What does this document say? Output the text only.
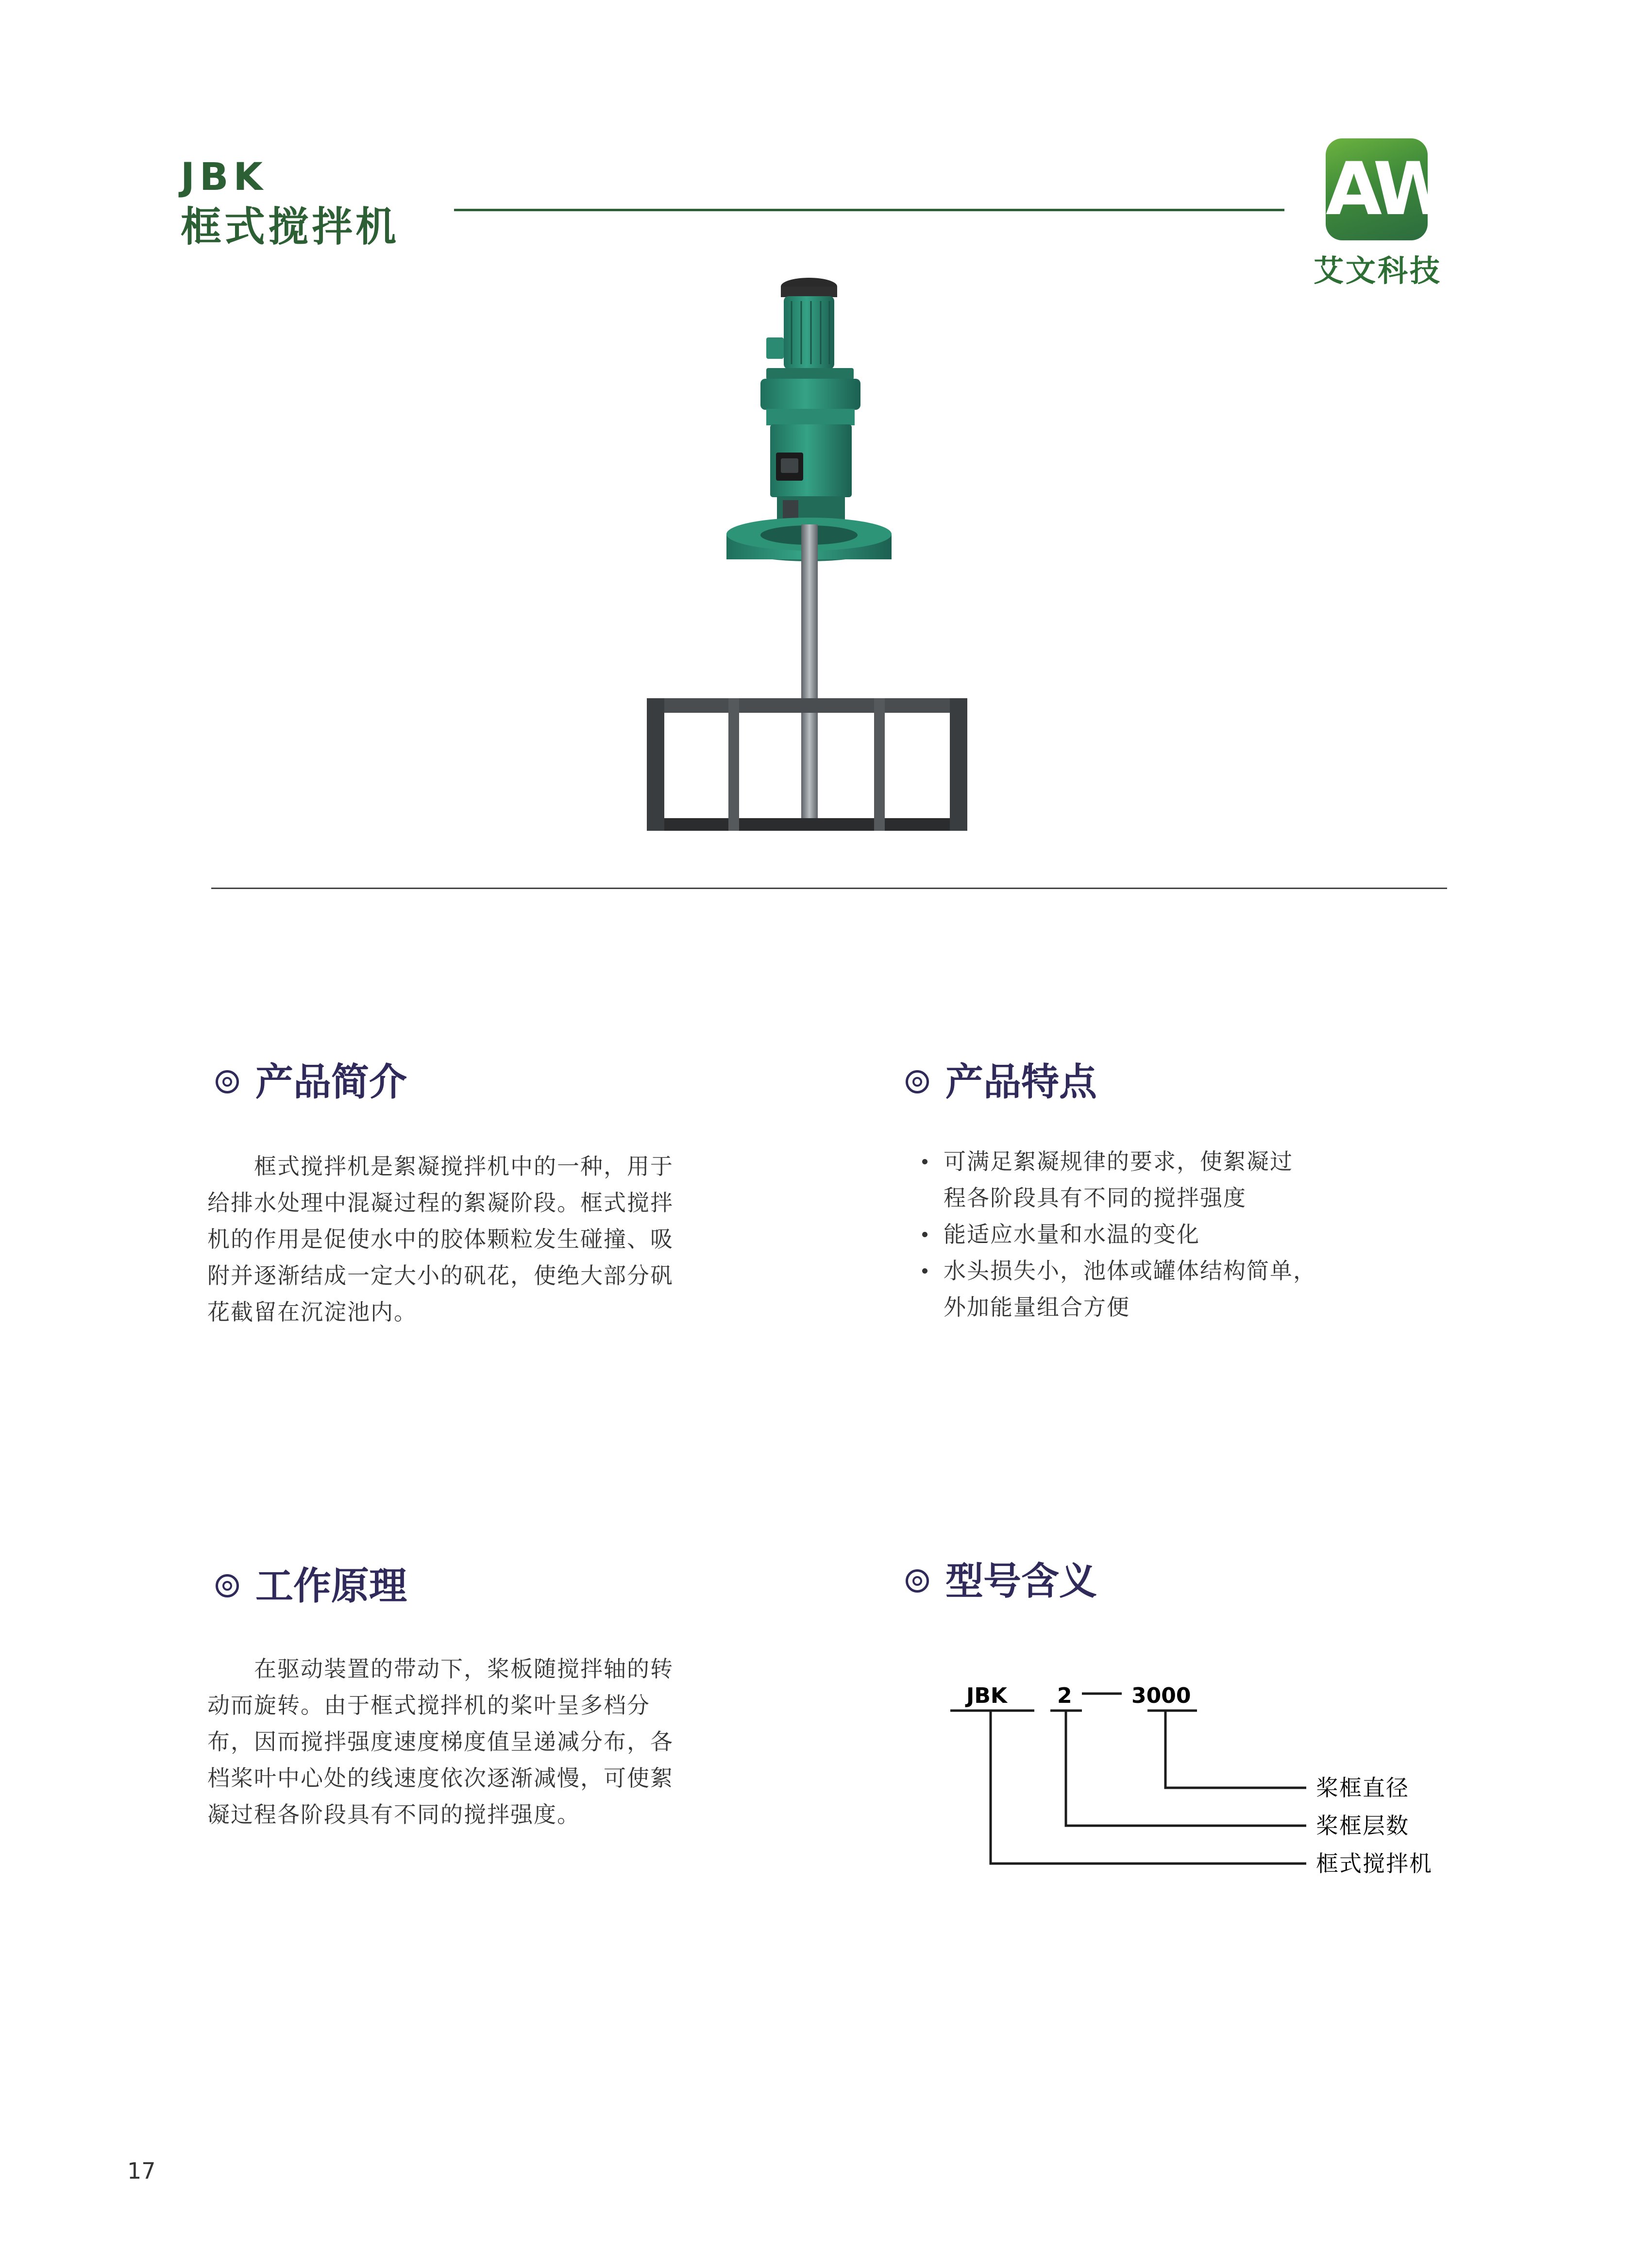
JBK
框式搅拌机	AW
艾文科技
产品简介
框式搅拌机是絮凝搅拌机中的一种，用于
给排水处理中混凝过程的絮凝阶段。框式搅拌
机的作用是促使水中的胶体颗粒发生碰撞、吸
附并逐渐结成一定大小的矾花，使绝大部分矾
花截留在沉淀池内。
产品特点
可满足絮凝规律的要求，使絮凝过
程各阶段具有不同的搅拌强度
能适应水量和水温的变化
水头损失小，池体或罐体结构简单，
外加能量组合方便
工作原理
在驱动装置的带动下，桨板随搅拌轴的转
动而旋转。由于框式搅拌机的桨叶呈多档分
布，因而搅拌强度速度梯度值呈递减分布，各
档桨叶中心处的线速度依次逐渐减慢，可使絮
凝过程各阶段具有不同的搅拌强度。
型号含义
JBK 2	3000
桨框直径
桨框层数
框式搅拌机
17
